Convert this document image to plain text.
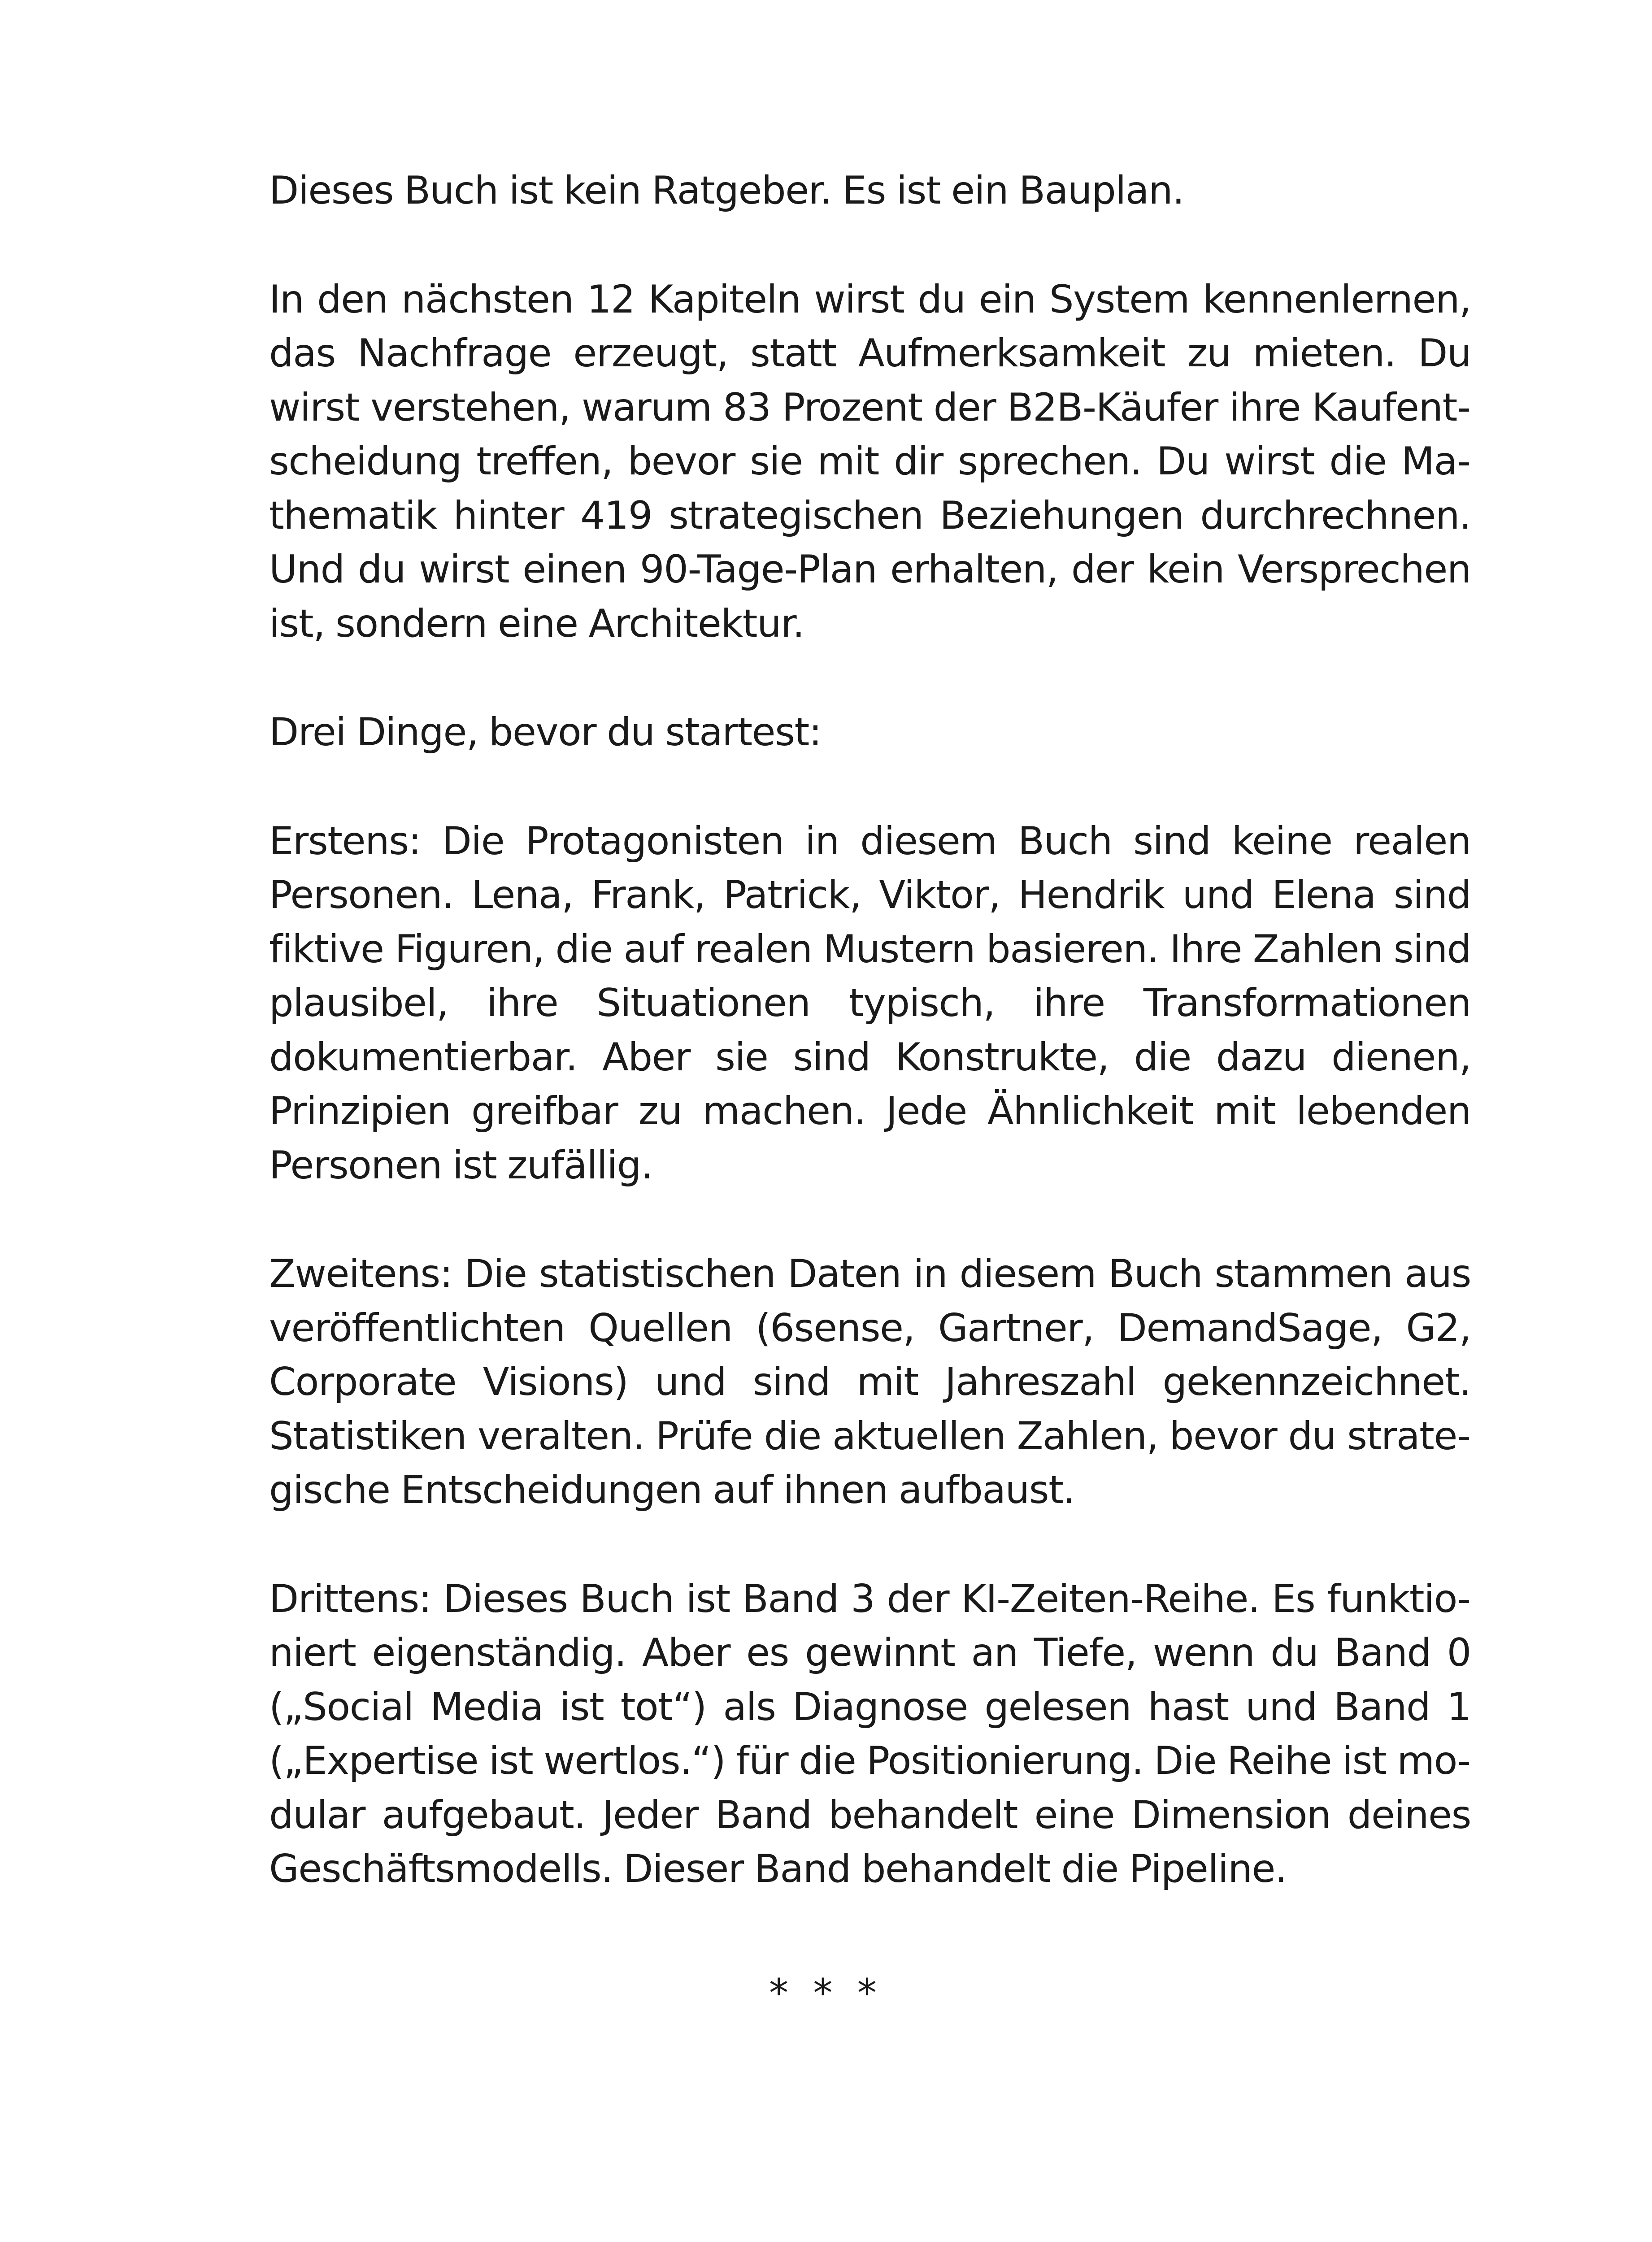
Dieses Buch ist kein Ratgeber. Es ist ein Bauplan.

In den nächsten 12 Kapiteln wirst du ein System kennenlernen, das Nachfrage erzeugt, statt Aufmerksamkeit zu mieten. Du wirst verstehen, warum 83 Prozent der B2B-Käufer ihre Kaufentscheidung treffen, bevor sie mit dir sprechen. Du wirst die Mathematik hinter 419 strategischen Beziehungen durchrechnen. Und du wirst einen 90-Tage-Plan erhalten, der kein Versprechen ist, sondern eine Architektur.

Drei Dinge, bevor du startest:

Erstens: Die Protagonisten in diesem Buch sind keine realen Personen. Lena, Frank, Patrick, Viktor, Hendrik und Elena sind fiktive Figuren, die auf realen Mustern basieren. Ihre Zahlen sind plausibel, ihre Situationen typisch, ihre Transformationen dokumentierbar. Aber sie sind Konstrukte, die dazu dienen, Prinzipien greifbar zu machen. Jede Ähnlichkeit mit lebenden Personen ist zufällig.

Zweitens: Die statistischen Daten in diesem Buch stammen aus veröffentlichten Quellen (6sense, Gartner, DemandSage, G2, Corporate Visions) und sind mit Jahreszahl gekennzeichnet. Statistiken veralten. Prüfe die aktuellen Zahlen, bevor du strategische Entscheidungen auf ihnen aufbaust.

Drittens: Dieses Buch ist Band 3 der KI-Zeiten-Reihe. Es funktioniert eigenständig. Aber es gewinnt an Tiefe, wenn du Band 0 („Social Media ist tot“) als Diagnose gelesen hast und Band 1 („Expertise ist wertlos.“) für die Positionierung. Die Reihe ist modular aufgebaut. Jeder Band behandelt eine Dimension deines Geschäftsmodells. Dieser Band behandelt die Pipeline.

* * *
